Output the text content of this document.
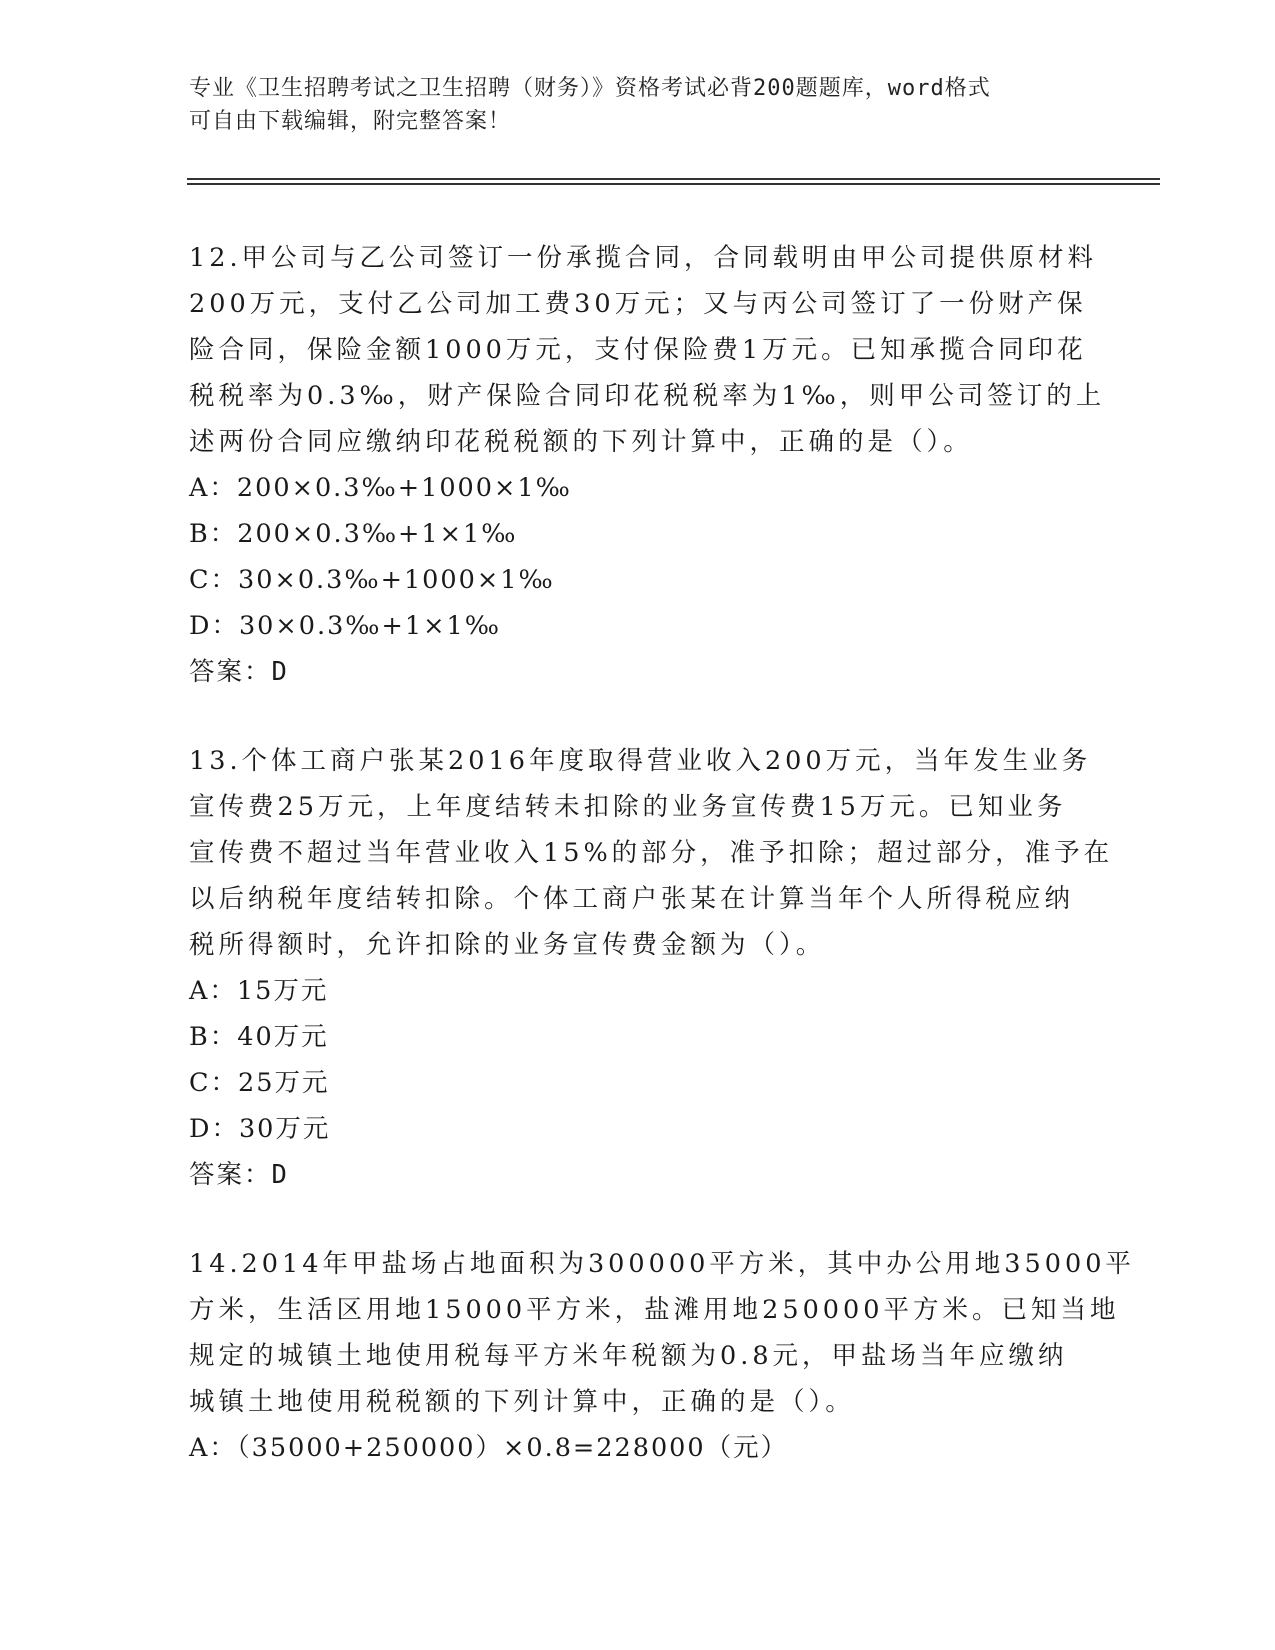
专业《卫生招聘考试之卫生招聘（财务）》资格考试必背200题题库，word格式
可自由下载编辑，附完整答案！
12.甲公司与乙公司签订一份承揽合同，合同载明由甲公司提供原材料
200万元，支付乙公司加工费30万元；又与丙公司签订了一份财产保
险合同，保险金额1000万元，支付保险费1万元。已知承揽合同印花
税税率为0.3‰，财产保险合同印花税税率为1‰，则甲公司签订的上
述两份合同应缴纳印花税税额的下列计算中，正确的是（）。
A：200×0.3‰+1000×1‰
B：200×0.3‰+1×1‰
C：30×0.3‰+1000×1‰
D：30×0.3‰+1×1‰
答案：D
13.个体工商户张某2016年度取得营业收入200万元，当年发生业务
宣传费25万元，上年度结转未扣除的业务宣传费15万元。已知业务
宣传费不超过当年营业收入15%的部分，准予扣除；超过部分，准予在
以后纳税年度结转扣除。个体工商户张某在计算当年个人所得税应纳
税所得额时，允许扣除的业务宣传费金额为（）。
A：15万元
B：40万元
C：25万元
D：30万元
答案：D
14.2014年甲盐场占地面积为300000平方米，其中办公用地35000平
方米，生活区用地15000平方米，盐滩用地250000平方米。已知当地
规定的城镇土地使用税每平方米年税额为0.8元，甲盐场当年应缴纳
城镇土地使用税税额的下列计算中，正确的是（）。
A：（35000+250000）×0.8=228000（元）
